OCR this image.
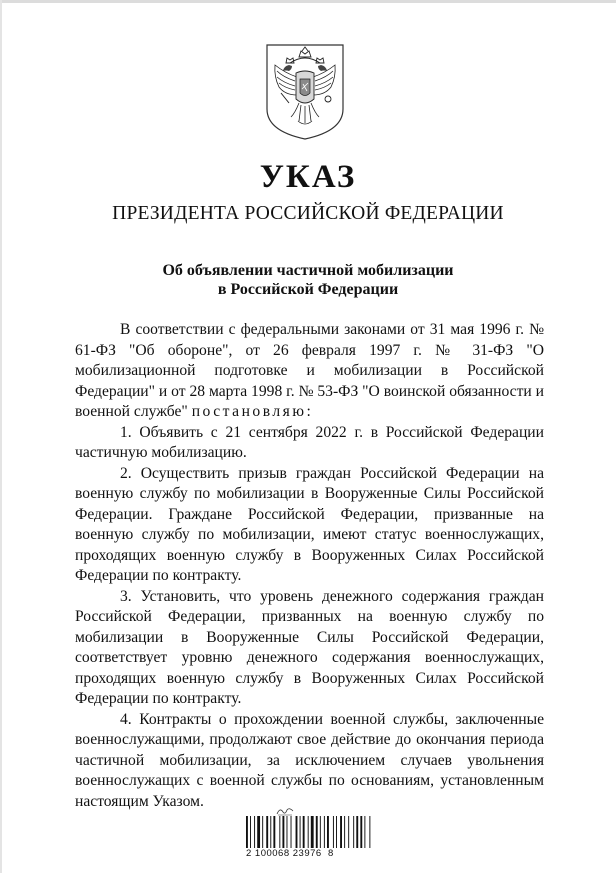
УКАЗ
ПРЕЗИДЕНТА РОССИЙСКОЙ ФЕДЕРАЦИИ
Об объявлении частичной мобилизации
в Российской Федерации

В соответствии с федеральными законами от 31 мая 1996 г. № 61-ФЗ "Об обороне", от 26 февраля 1997 г. № 31-ФЗ "О мобилизационной подготовке и мобилизации в Российской Федерации" и от 28 марта 1998 г. № 53-ФЗ "О воинской обязанности и военной службе" постановляю:

1. Объявить с 21 сентября 2022 г. в Российской Федерации частичную мобилизацию.

2. Осуществить призыв граждан Российской Федерации на военную службу по мобилизации в Вооруженные Силы Российской Федерации. Граждане Российской Федерации, призванные на военную службу по мобилизации, имеют статус военнослужащих, проходящих военную службу в Вооруженных Силах Российской Федерации по контракту.

3. Установить, что уровень денежного содержания граждан Российской Федерации, призванных на военную службу по мобилизации в Вооруженные Силы Российской Федерации, соответствует уровню денежного содержания военнослужащих, проходящих военную службу в Вооруженных Силах Российской Федерации по контракту.

4. Контракты о прохождении военной службы, заключенные военнослужащими, продолжают свое действие до окончания периода частичной мобилизации, за исключением случаев увольнения военнослужащих с военной службы по основаниям, установленным настоящим Указом.

2 100068 23976  8
